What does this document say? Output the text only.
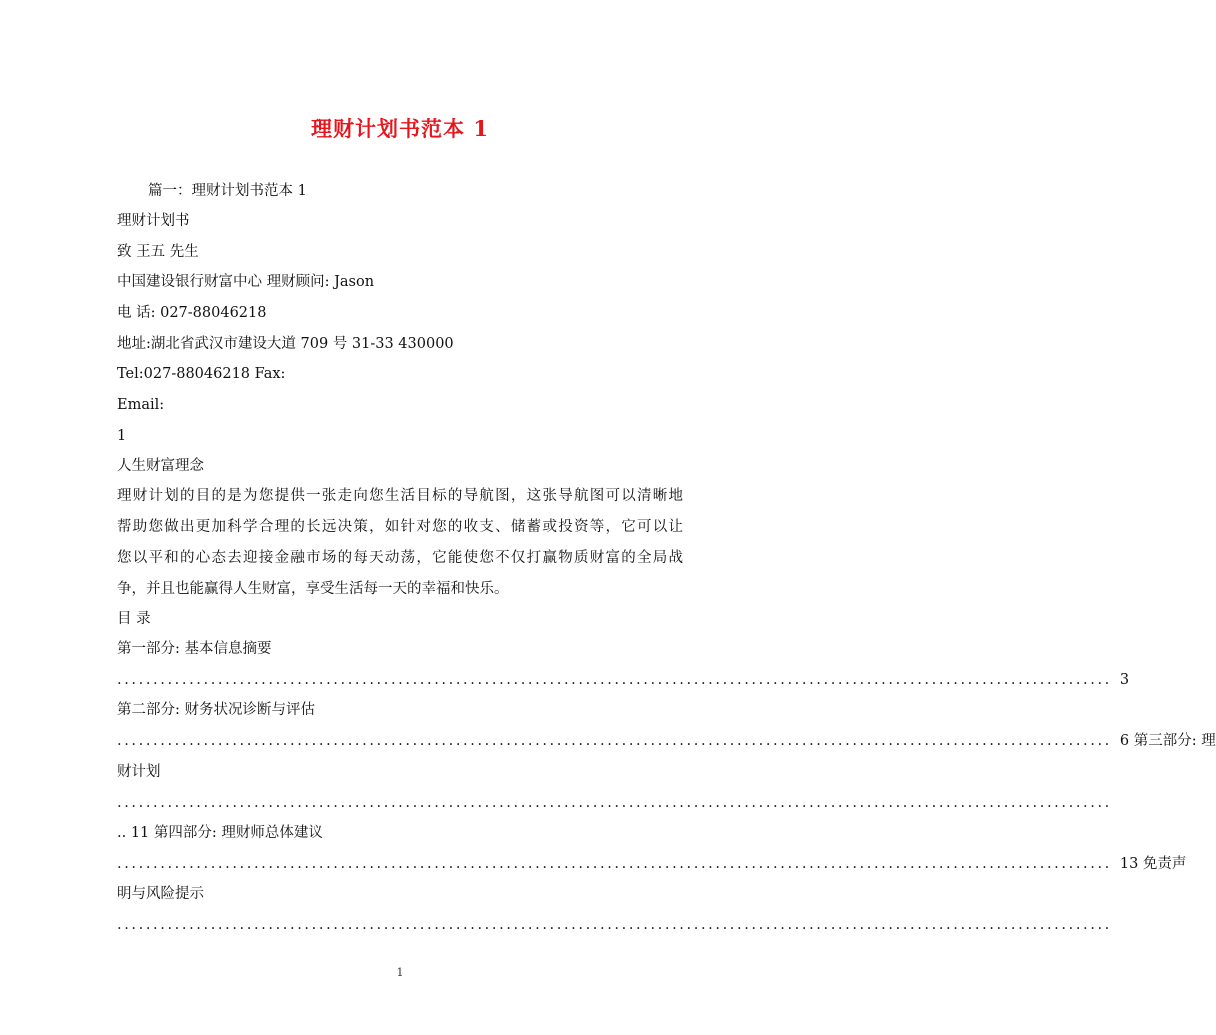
理财计划书范本 1
篇一：理财计划书范本 1
理财计划书
致 王五 先生
中国建设银行财富中心 理财顾问: Jason
电 话: 027-88046218
地址:湖北省武汉市建设大道 709 号 31-33 430000
Tel:027-88046218 Fax:
Email:
1
人生财富理念
理财计划的目的是为您提供一张走向您生活目标的导航图，这张导航图可以清晰地
帮助您做出更加科学合理的长远决策，如针对您的收支、储蓄或投资等，它可以让
您以平和的心态去迎接金融市场的每天动荡，它能使您不仅打赢物质财富的全局战
争，并且也能赢得人生财富，享受生活每一天的幸福和快乐。
目 录
第一部分: 基本信息摘要
.......................................................................................................................................... 3
第二部分: 财务状况诊断与评估
.......................................................................................................................................... 6 第三部分: 理
财计划
..........................................................................................................................................
.. 11 第四部分: 理财师总体建议
.......................................................................................................................................... 13 免责声
明与风险提示
..........................................................................................................................................
1
